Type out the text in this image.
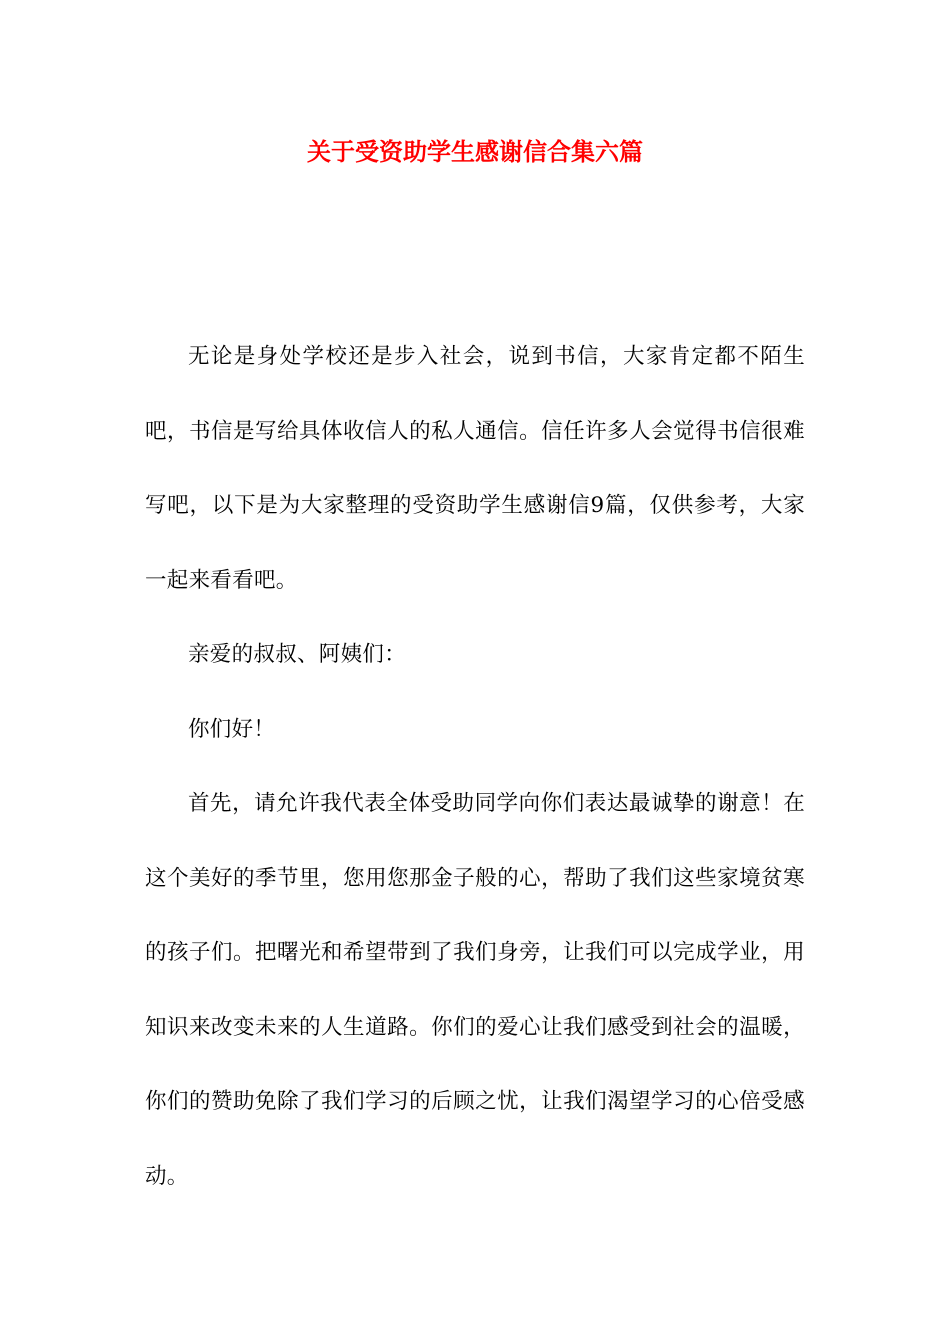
关于受资助学生感谢信合集六篇

无论是身处学校还是步入社会，说到书信，大家肯定都不陌生吧，书信是写给具体收信人的私人通信。信任许多人会觉得书信很难写吧，以下是为大家整理的受资助学生感谢信9篇，仅供参考，大家一起来看看吧。

亲爱的叔叔、阿姨们：

你们好！

首先，请允许我代表全体受助同学向你们表达最诚挚的谢意！在这个美好的季节里，您用您那金子般的心，帮助了我们这些家境贫寒的孩子们。把曙光和希望带到了我们身旁，让我们可以完成学业，用知识来改变未来的人生道路。你们的爱心让我们感受到社会的温暖，你们的赞助免除了我们学习的后顾之忧，让我们渴望学习的心倍受感动。
